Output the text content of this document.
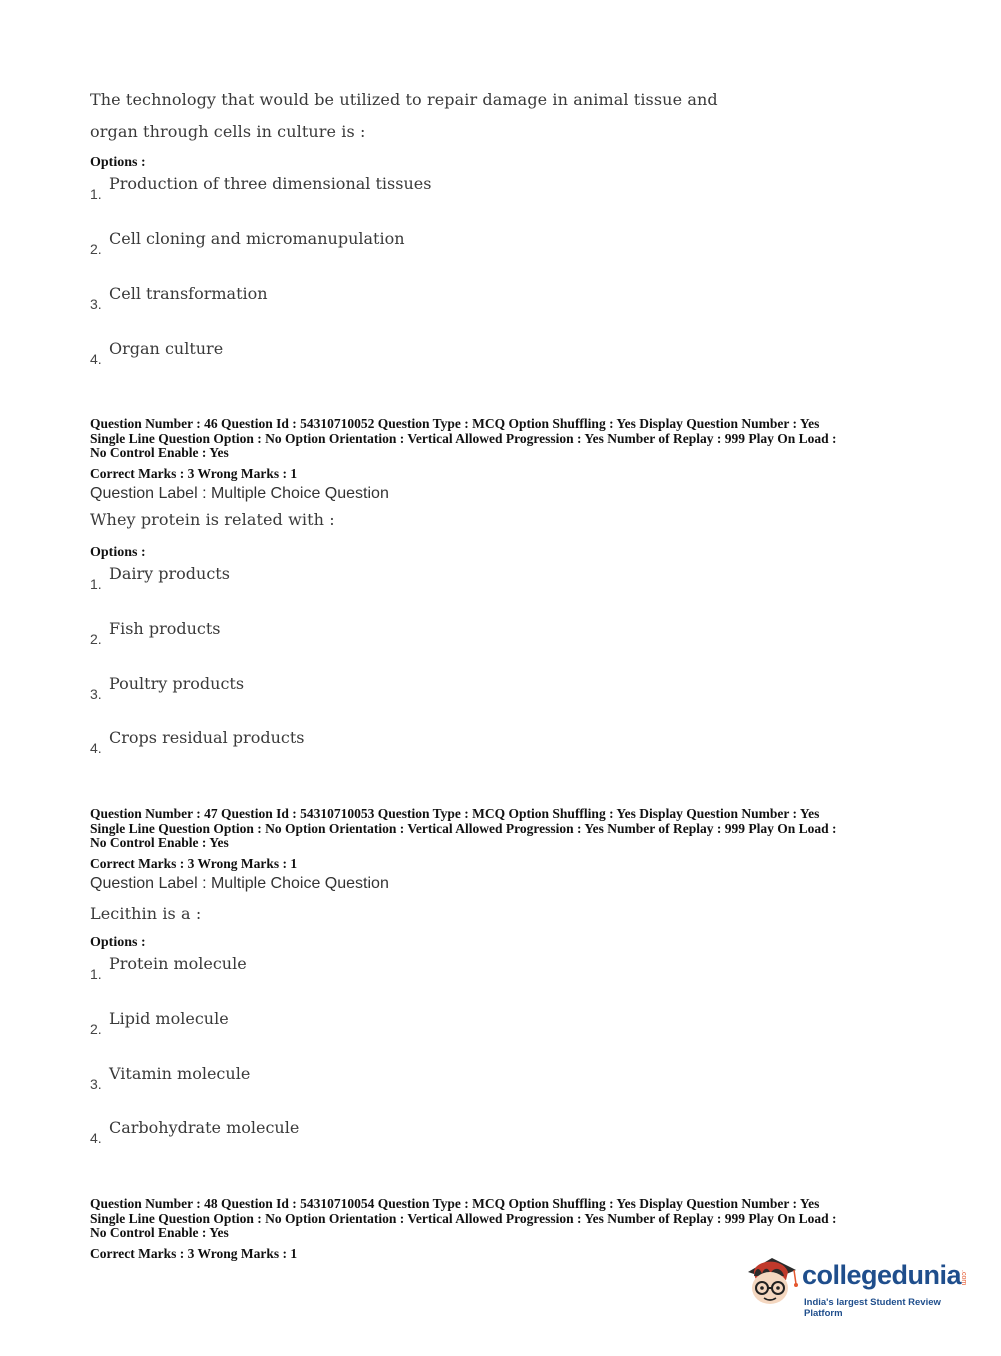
The technology that would be utilized to repair damage in animal tissue and
organ through cells in culture is :
Options :
1.
Production of three dimensional tissues
2.
Cell cloning and micromanupulation
3.
Cell transformation
4.
Organ culture
Question Number : 46 Question Id : 54310710052 Question Type : MCQ Option Shuffling : Yes Display Question Number : Yes
Single Line Question Option : No Option Orientation : Vertical Allowed Progression : Yes Number of Replay : 999 Play On Load :
No Control Enable : Yes
Correct Marks : 3 Wrong Marks : 1
Question Label : Multiple Choice Question
Whey protein is related with :
Options :
1.
Dairy products
2.
Fish products
3.
Poultry products
4.
Crops residual products
Question Number : 47 Question Id : 54310710053 Question Type : MCQ Option Shuffling : Yes Display Question Number : Yes
Single Line Question Option : No Option Orientation : Vertical Allowed Progression : Yes Number of Replay : 999 Play On Load :
No Control Enable : Yes
Correct Marks : 3 Wrong Marks : 1
Question Label : Multiple Choice Question
Lecithin is a :
Options :
1.
Protein molecule
2.
Lipid molecule
3.
Vitamin molecule
4.
Carbohydrate molecule
Question Number : 48 Question Id : 54310710054 Question Type : MCQ Option Shuffling : Yes Display Question Number : Yes
Single Line Question Option : No Option Orientation : Vertical Allowed Progression : Yes Number of Replay : 999 Play On Load :
No Control Enable : Yes
Correct Marks : 3 Wrong Marks : 1
collegedunia
.com
India's largest Student Review Platform
